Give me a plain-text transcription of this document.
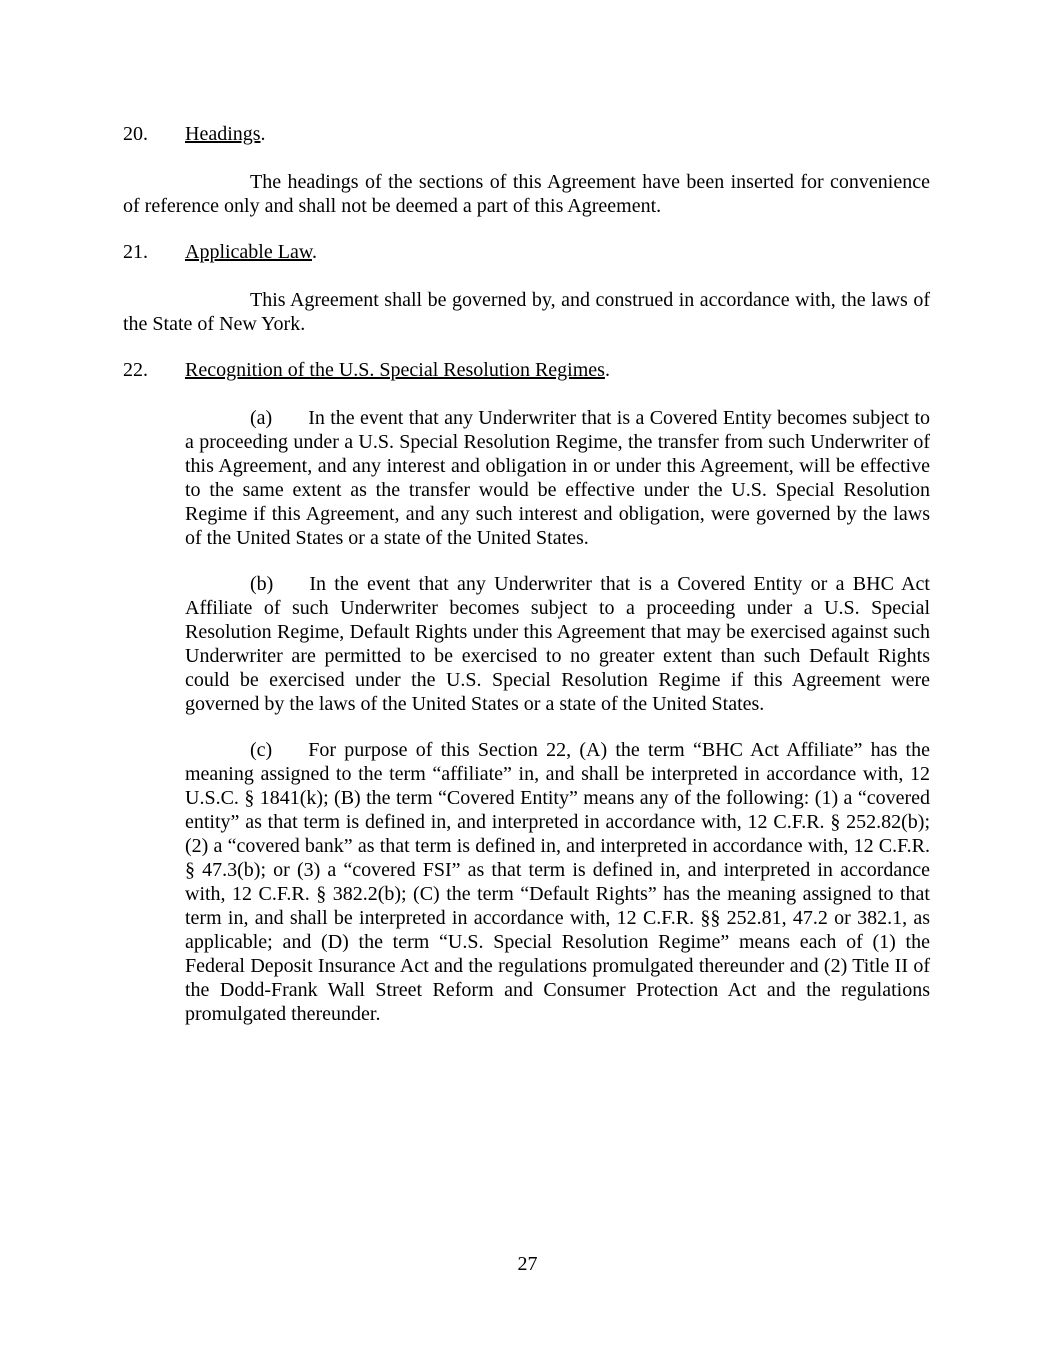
20. Headings.

The headings of the sections of this Agreement have been inserted for convenience of reference only and shall not be deemed a part of this Agreement.

21. Applicable Law.

This Agreement shall be governed by, and construed in accordance with, the laws of the State of New York.

22. Recognition of the U.S. Special Resolution Regimes.

(a) In the event that any Underwriter that is a Covered Entity becomes subject to a proceeding under a U.S. Special Resolution Regime, the transfer from such Underwriter of this Agreement, and any interest and obligation in or under this Agreement, will be effective to the same extent as the transfer would be effective under the U.S. Special Resolution Regime if this Agreement, and any such interest and obligation, were governed by the laws of the United States or a state of the United States.

(b) In the event that any Underwriter that is a Covered Entity or a BHC Act Affiliate of such Underwriter becomes subject to a proceeding under a U.S. Special Resolution Regime, Default Rights under this Agreement that may be exercised against such Underwriter are permitted to be exercised to no greater extent than such Default Rights could be exercised under the U.S. Special Resolution Regime if this Agreement were governed by the laws of the United States or a state of the United States.

(c) For purpose of this Section 22, (A) the term “BHC Act Affiliate” has the meaning assigned to the term “affiliate” in, and shall be interpreted in accordance with, 12 U.S.C. § 1841(k); (B) the term “Covered Entity” means any of the following: (1) a “covered entity” as that term is defined in, and interpreted in accordance with, 12 C.F.R. § 252.82(b); (2) a “covered bank” as that term is defined in, and interpreted in accordance with, 12 C.F.R. § 47.3(b); or (3) a “covered FSI” as that term is defined in, and interpreted in accordance with, 12 C.F.R. § 382.2(b); (C) the term “Default Rights” has the meaning assigned to that term in, and shall be interpreted in accordance with, 12 C.F.R. §§ 252.81, 47.2 or 382.1, as applicable; and (D) the term “U.S. Special Resolution Regime” means each of (1) the Federal Deposit Insurance Act and the regulations promulgated thereunder and (2) Title II of the Dodd-Frank Wall Street Reform and Consumer Protection Act and the regulations promulgated thereunder.

27
